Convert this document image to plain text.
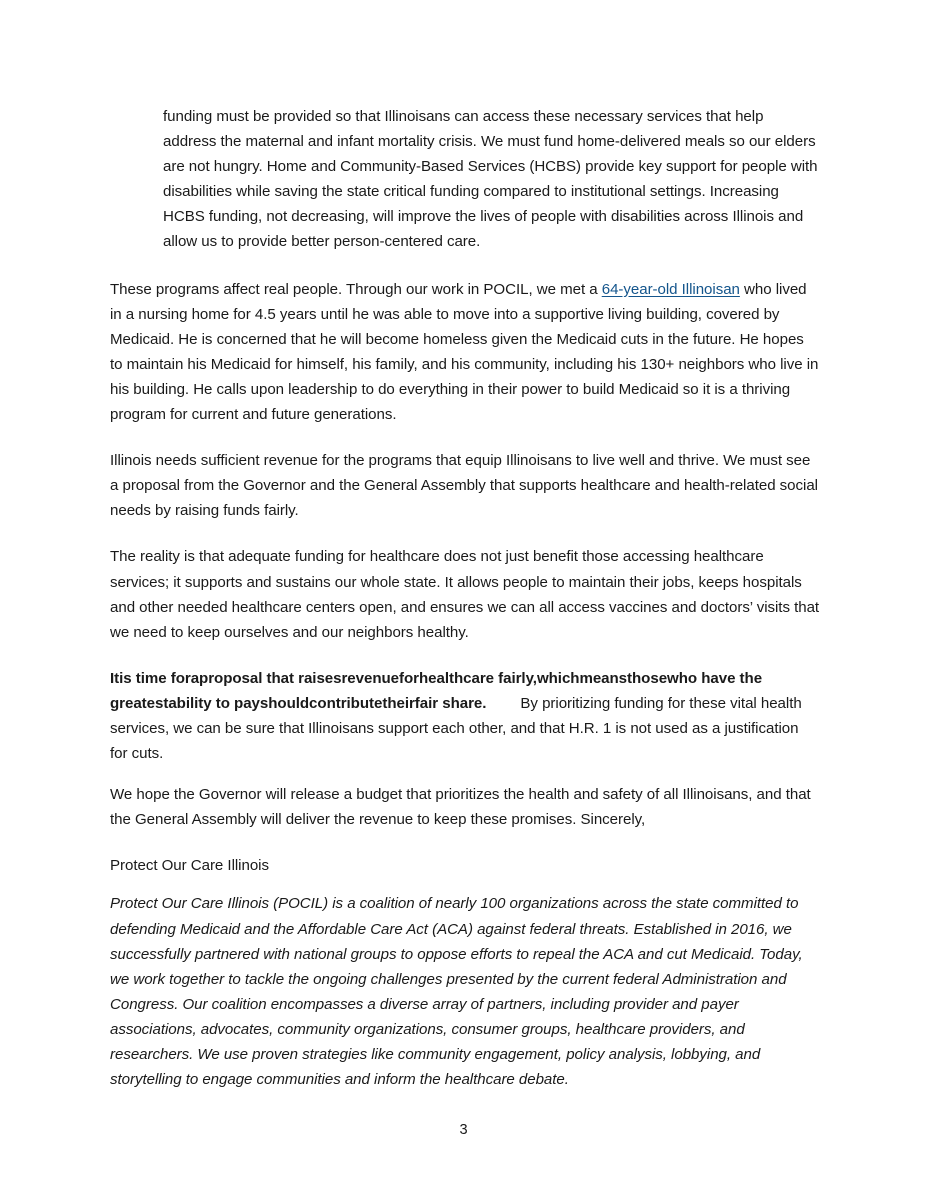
funding must be provided so that Illinoisans can access these necessary services that help address the maternal and infant mortality crisis. We must fund home-delivered meals so our elders are not hungry. Home and Community-Based Services (HCBS) provide key support for people with disabilities while saving the state critical funding compared to institutional settings. Increasing HCBS funding, not decreasing, will improve the lives of people with disabilities across Illinois and allow us to provide better person-centered care.

These programs affect real people. Through our work in POCIL, we met a 64-year-old Illinoisan who lived in a nursing home for 4.5 years until he was able to move into a supportive living building, covered by Medicaid. He is concerned that he will become homeless given the Medicaid cuts in the future. He hopes to maintain his Medicaid for himself, his family, and his community, including his 130+ neighbors who live in his building. He calls upon leadership to do everything in their power to build Medicaid so it is a thriving program for current and future generations.

Illinois needs sufficient revenue for the programs that equip Illinoisans to live well and thrive. We must see a proposal from the Governor and the General Assembly that supports healthcare and health-related social needs by raising funds fairly.

The reality is that adequate funding for healthcare does not just benefit those accessing healthcare services; it supports and sustains our whole state. It allows people to maintain their jobs, keeps hospitals and other needed healthcare centers open, and ensures we can all access vaccines and doctors’ visits that we need to keep ourselves and our neighbors healthy.

Itis time foraproposal that raisesrevenueforhealthcare fairly,whichmeansthosewho have the greatestability to payshouldcontributetheirfair share. By prioritizing funding for these vital health services, we can be sure that Illinoisans support each other, and that H.R. 1 is not used as a justification for cuts.

We hope the Governor will release a budget that prioritizes the health and safety of all Illinoisans, and that the General Assembly will deliver the revenue to keep these promises. Sincerely,

Protect Our Care Illinois

Protect Our Care Illinois (POCIL) is a coalition of nearly 100 organizations across the state committed to defending Medicaid and the Affordable Care Act (ACA) against federal threats. Established in 2016, we successfully partnered with national groups to oppose efforts to repeal the ACA and cut Medicaid. Today, we work together to tackle the ongoing challenges presented by the current federal Administration and Congress. Our coalition encompasses a diverse array of partners, including provider and payer associations, advocates, community organizations, consumer groups, healthcare providers, and researchers. We use proven strategies like community engagement, policy analysis, lobbying, and storytelling to engage communities and inform the healthcare debate.

3
